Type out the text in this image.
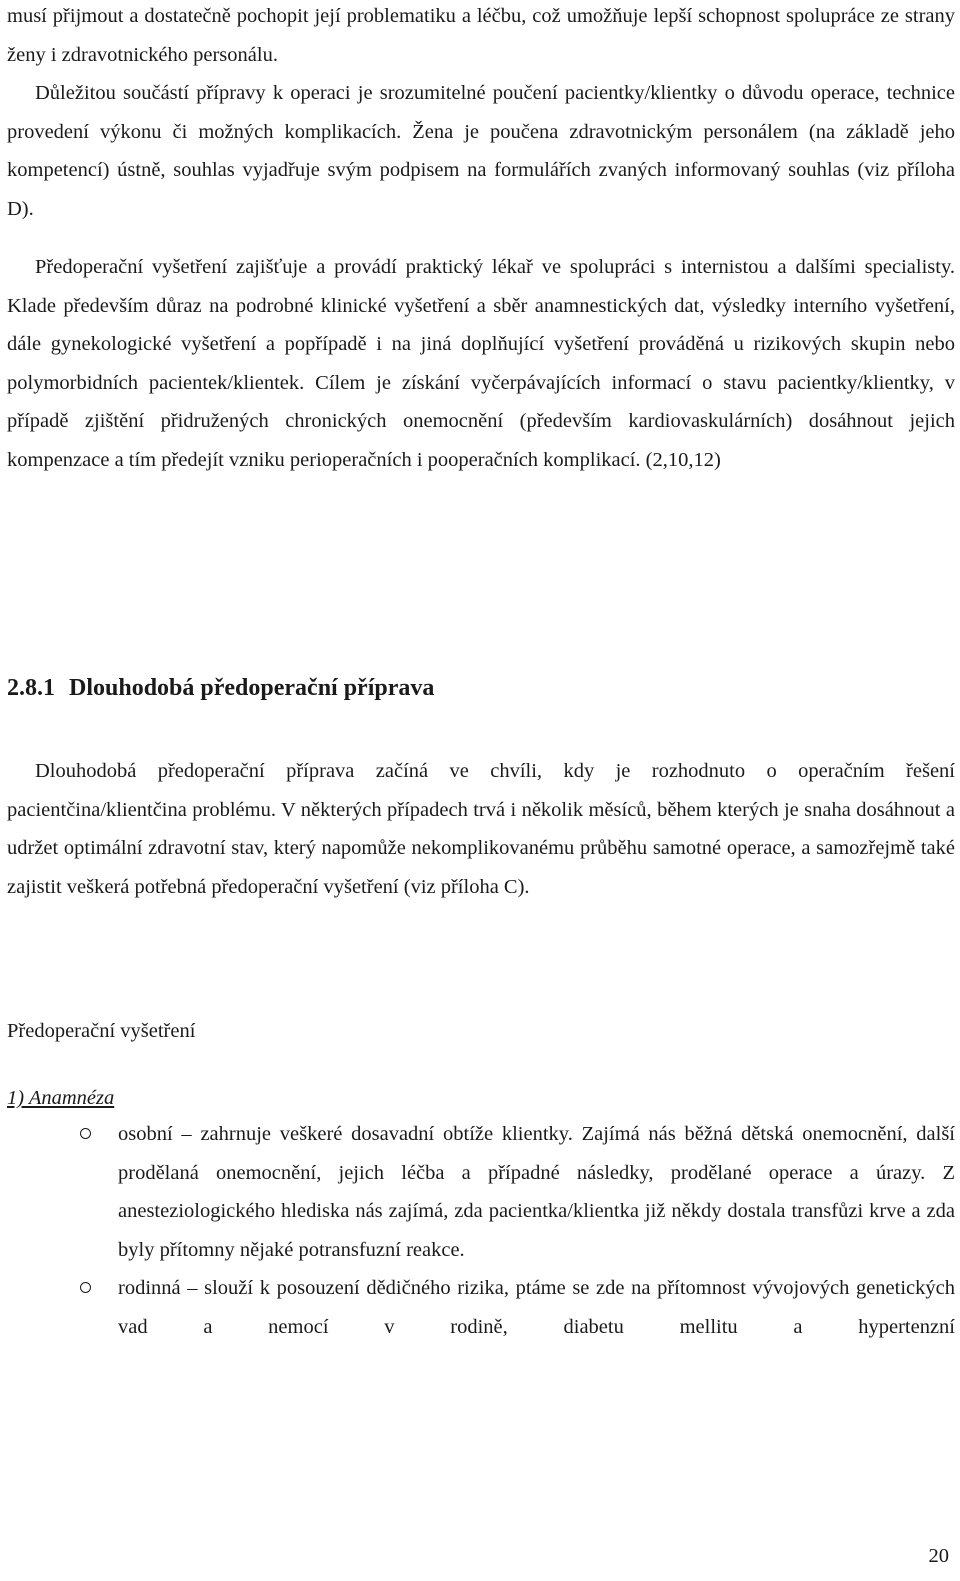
musí přijmout a dostatečně pochopit její problematiku a léčbu, což umožňuje lepší schopnost spolupráce ze strany ženy i zdravotnického personálu.

Důležitou součástí přípravy k operaci je srozumitelné poučení pacientky/klientky o důvodu operace, technice provedení výkonu či možných komplikacích. Žena je poučena zdravotnickým personálem (na základě jeho kompetencí) ústně, souhlas vyjadřuje svým podpisem na formulářích zvaných informovaný souhlas (viz příloha D).

Předoperační vyšetření zajišťuje a provádí praktický lékař ve spolupráci s internistou a dalšími specialisty. Klade především důraz na podrobné klinické vyšetření a sběr anamnestických dat, výsledky interního vyšetření, dále gynekologické vyšetření a popřípadě i na jiná doplňující vyšetření prováděná u rizikových skupin nebo polymorbidních pacientek/klientek. Cílem je získání vyčerpávajících informací o stavu pacientky/klientky, v případě zjištění přidružených chronických onemocnění (především kardiovaskulárních) dosáhnout jejich kompenzace a tím předejít vzniku perioperačních i pooperačních komplikací. (2,10,12)

2.8.1 Dlouhodobá předoperační příprava

Dlouhodobá předoperační příprava začíná ve chvíli, kdy je rozhodnuto o operačním řešení pacientčina/klientčina problému. V některých případech trvá i několik měsíců, během kterých je snaha dosáhnout a udržet optimální zdravotní stav, který napomůže nekomplikovanému průběhu samotné operace, a samozřejmě také zajistit veškerá potřebná předoperační vyšetření (viz příloha C).

Předoperační vyšetření

1) Anamnéza

osobní – zahrnuje veškeré dosavadní obtíže klientky. Zajímá nás běžná dětská onemocnění, další prodělaná onemocnění, jejich léčba a případné následky, prodělané operace a úrazy. Z anesteziologického hlediska nás zajímá, zda pacientka/klientka již někdy dostala transfůzi krve a zda byly přítomny nějaké potransfuzní reakce.

rodinná – slouží k posouzení dědičného rizika, ptáme se zde na přítomnost vývojových genetických vad a nemocí v rodině, diabetu mellitu a hypertenzní

20
